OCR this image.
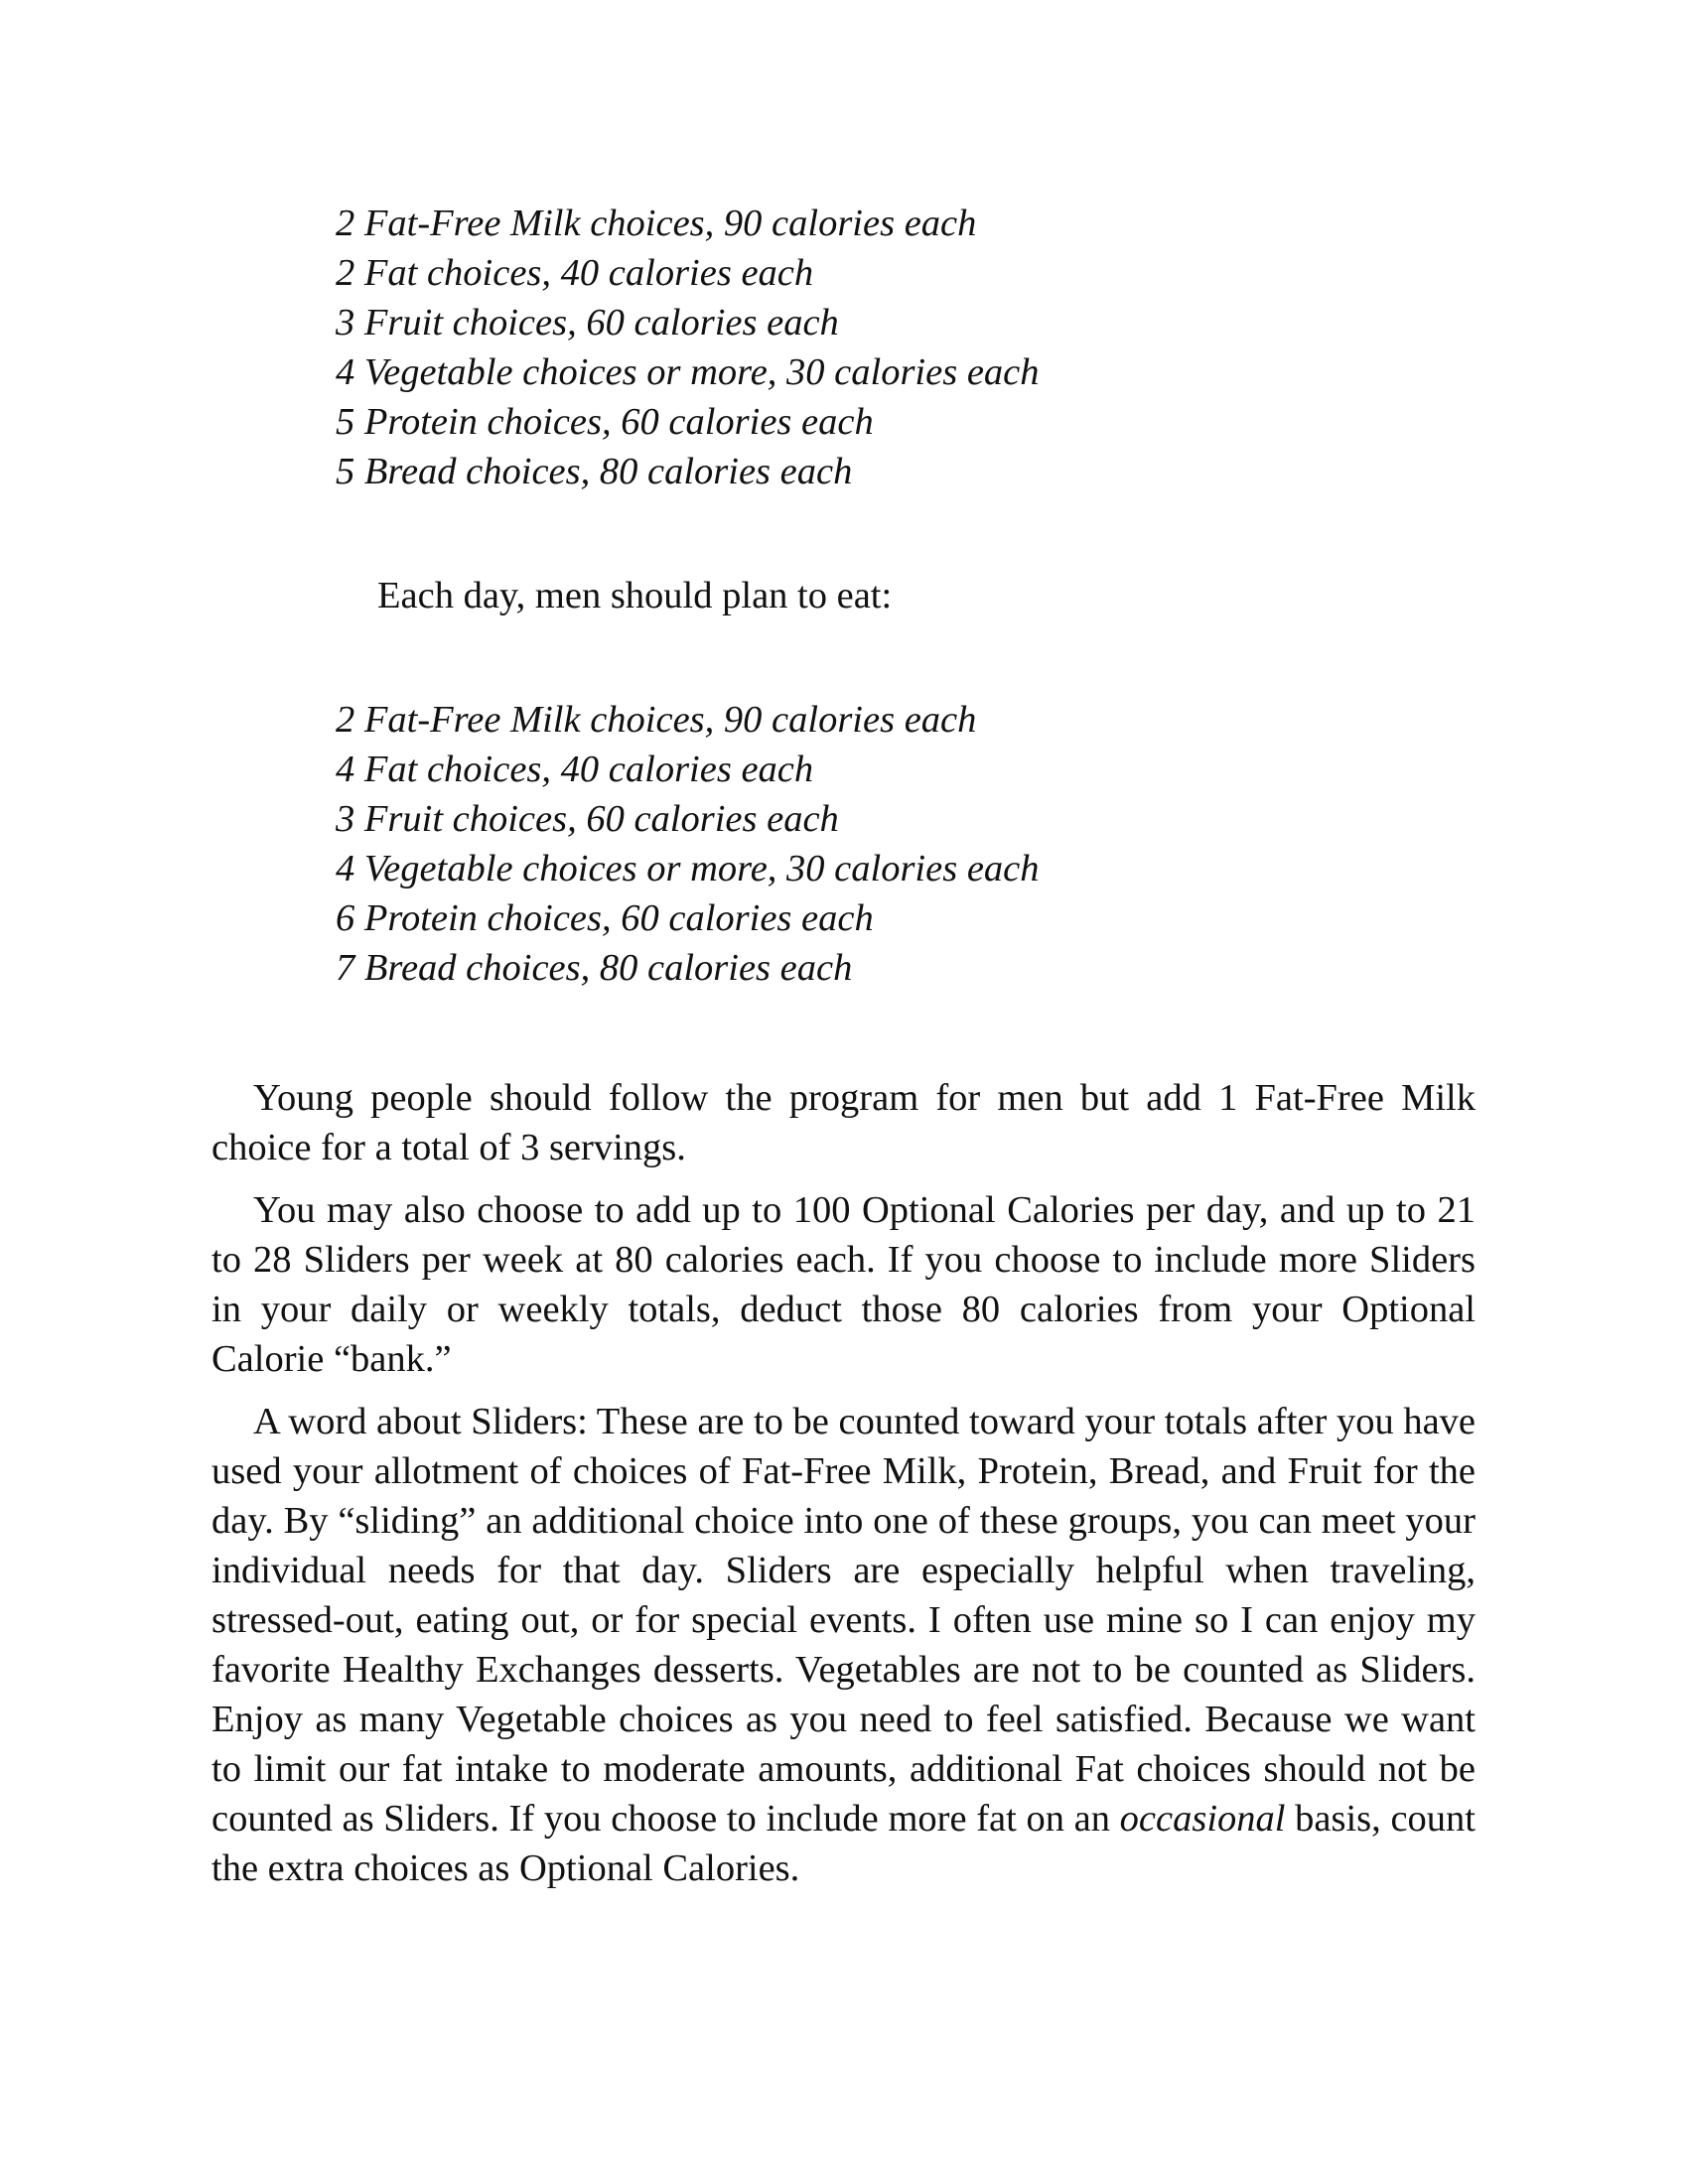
2 Fat-Free Milk choices, 90 calories each
2 Fat choices, 40 calories each
3 Fruit choices, 60 calories each
4 Vegetable choices or more, 30 calories each
5 Protein choices, 60 calories each
5 Bread choices, 80 calories each

Each day, men should plan to eat:

2 Fat-Free Milk choices, 90 calories each
4 Fat choices, 40 calories each
3 Fruit choices, 60 calories each
4 Vegetable choices or more, 30 calories each
6 Protein choices, 60 calories each
7 Bread choices, 80 calories each

Young people should follow the program for men but add 1 Fat-Free Milk choice for a total of 3 servings.

You may also choose to add up to 100 Optional Calories per day, and up to 21 to 28 Sliders per week at 80 calories each. If you choose to include more Sliders in your daily or weekly totals, deduct those 80 calories from your Optional Calorie “bank.”

A word about Sliders: These are to be counted toward your totals after you have used your allotment of choices of Fat-Free Milk, Protein, Bread, and Fruit for the day. By “sliding” an additional choice into one of these groups, you can meet your individual needs for that day. Sliders are especially helpful when traveling, stressed-out, eating out, or for special events. I often use mine so I can enjoy my favorite Healthy Exchanges desserts. Vegetables are not to be counted as Sliders. Enjoy as many Vegetable choices as you need to feel satisfied. Because we want to limit our fat intake to moderate amounts, additional Fat choices should not be counted as Sliders. If you choose to include more fat on an occasional basis, count the extra choices as Optional Calories.
